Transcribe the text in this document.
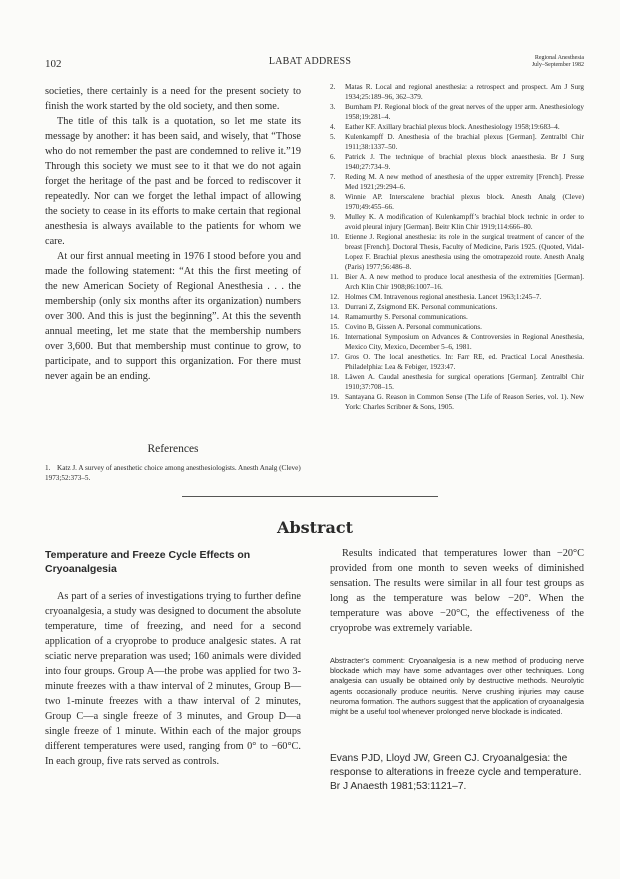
102	LABAT ADDRESS	Regional Anesthesia
July–September 1982

societies, there certainly is a need for the present society to finish the work started by the old society, and then some.

The title of this talk is a quotation, so let me state its message by another: it has been said, and wisely, that “Those who do not remember the past are condemned to relive it.”19 Through this society we must see to it that we do not again forget the heritage of the past and be forced to rediscover it repeatedly. Nor can we forget the lethal impact of allowing the society to cease in its efforts to make certain that regional anesthesia is always available to the patients for whom we care.

At our first annual meeting in 1976 I stood before you and made the following statement: “At this the first meeting of the new American Society of Regional Anesthesia . . . the membership (only six months after its organization) numbers over 300. And this is just the beginning”. At this the seventh annual meeting, let me state that the membership numbers over 3,600. But that membership must continue to grow, to participate, and to support this organization. For there must never again be an ending.

References
1. Katz J. A survey of anesthetic choice among anesthesiologists. Anesth Analg (Cleve) 1973;52:373–5.
2. Matas R. Local and regional anesthesia: a retrospect and prospect. Am J Surg 1934;25:189–96, 362–379.
3. Burnham PJ. Regional block of the great nerves of the upper arm. Anesthesiology 1958;19:281–4.
4. Eather KF. Axillary brachial plexus block. Anesthesiology 1958;19:683–4.
5. Kulenkampff D. Anesthesia of the brachial plexus [German]. Zentralbl Chir 1911;38:1337–50.
6. Patrick J. The technique of brachial plexus block anaesthesia. Br J Surg 1940;27:734–9.
7. Reding M. A new method of anesthesia of the upper extremity [French]. Presse Med 1921;29:294–6.
8. Winnie AP. Interscalene brachial plexus block. Anesth Analg (Cleve) 1970;49:455–66.
9. Mulley K. A modification of Kulenkampff’s brachial block technic in order to avoid pleural injury [German]. Beitr Klin Chir 1919;114:666–80.
10. Etienne J. Regional anesthesia: its role in the surgical treatment of cancer of the breast [French]. Doctoral Thesis, Faculty of Medicine, Paris 1925. (Quoted, Vidal-Lopez F. Brachial plexus anesthesia using the omotrapezoid route. Anesth Analg (Paris) 1977;56:486–8.
11. Bier A. A new method to produce local anesthesia of the extremities [German]. Arch Klin Chir 1908;86:1007–16.
12. Holmes CM. Intravenous regional anesthesia. Lancet 1963;1:245–7.
13. Durrani Z, Zsigmond EK. Personal communications.
14. Ramamurthy S. Personal communications.
15. Covino B, Gissen A. Personal communications.
16. International Symposium on Advances & Controversies in Regional Anesthesia, Mexico City, Mexico, December 5–6, 1981.
17. Gros O. The local anesthetics. In: Farr RE, ed. Practical Local Anesthesia. Philadelphia: Lea & Febiger, 1923:47.
18. Läwen A. Caudal anesthesia for surgical operations [German]. Zentralbl Chir 1910;37:708–15.
19. Santayana G. Reason in Common Sense (The Life of Reason Series, vol. 1). New York: Charles Scribner & Sons, 1905.
Abstract
Temperature and Freeze Cycle Effects on Cryoanalgesia

As part of a series of investigations trying to further define cryoanalgesia, a study was designed to document the absolute temperature, time of freezing, and need for a second application of a cryoprobe to produce analgesic states. A rat sciatic nerve preparation was used; 160 animals were divided into four groups. Group A—the probe was applied for two 3-minute freezes with a thaw interval of 2 minutes, Group B—two 1-minute freezes with a thaw interval of 2 minutes, Group C—a single freeze of 3 minutes, and Group D—a single freeze of 1 minute. Within each of the major groups different temperatures were used, ranging from 0° to −60°C. In each group, five rats served as controls.

Results indicated that temperatures lower than −20°C provided from one month to seven weeks of diminished sensation. The results were similar in all four test groups as long as the temperature was below −20°. When the temperature was above −20°C, the effectiveness of the cryoprobe was extremely variable.

Abstracter’s comment: Cryoanalgesia is a new method of producing nerve blockade which may have some advantages over other techniques. Long analgesia can usually be obtained only by destructive methods. Neurolytic agents occasionally produce neuritis. Nerve crushing injuries may cause neuroma formation. The authors suggest that the application of cryoanalgesia might be a useful tool whenever prolonged nerve blockade is indicated.

Evans PJD, Lloyd JW, Green CJ. Cryoanalgesia: the response to alterations in freeze cycle and temperature. Br J Anaesth 1981;53:1121–7.
